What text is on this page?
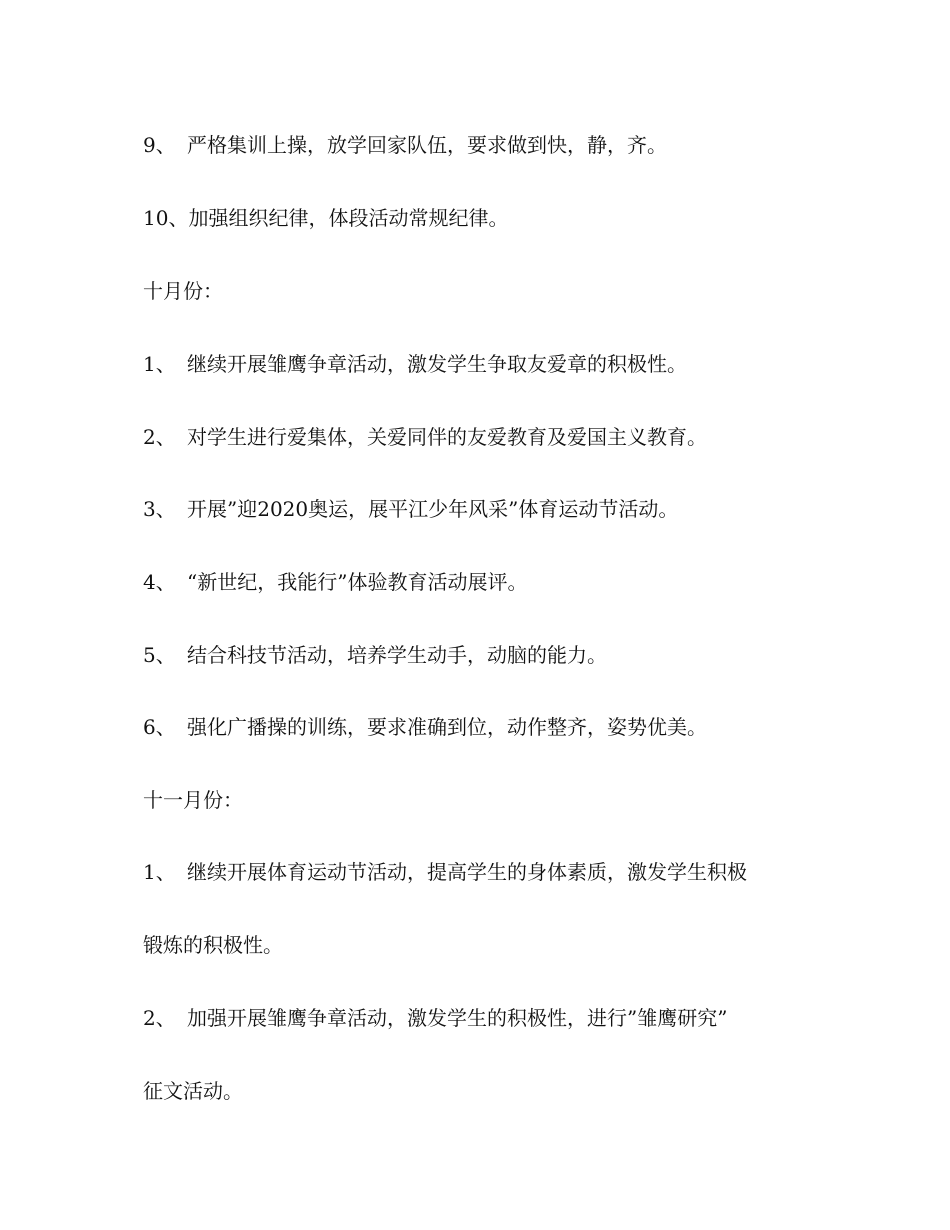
9、 严格集训上操，放学回家队伍，要求做到快，静，齐。
10、加强组织纪律，体段活动常规纪律。
十月份：
1、 继续开展雏鹰争章活动，激发学生争取友爱章的积极性。
2、 对学生进行爱集体，关爱同伴的友爱教育及爱国主义教育。
3、 开展”迎2020奥运，展平江少年风采”体育运动节活动。
4、 “新世纪，我能行”体验教育活动展评。
5、 结合科技节活动，培养学生动手，动脑的能力。
6、 强化广播操的训练，要求准确到位，动作整齐，姿势优美。
十一月份：
1、 继续开展体育运动节活动，提高学生的身体素质，激发学生积极
锻炼的积极性。
2、 加强开展雏鹰争章活动，激发学生的积极性，进行”雏鹰研究”
征文活动。
